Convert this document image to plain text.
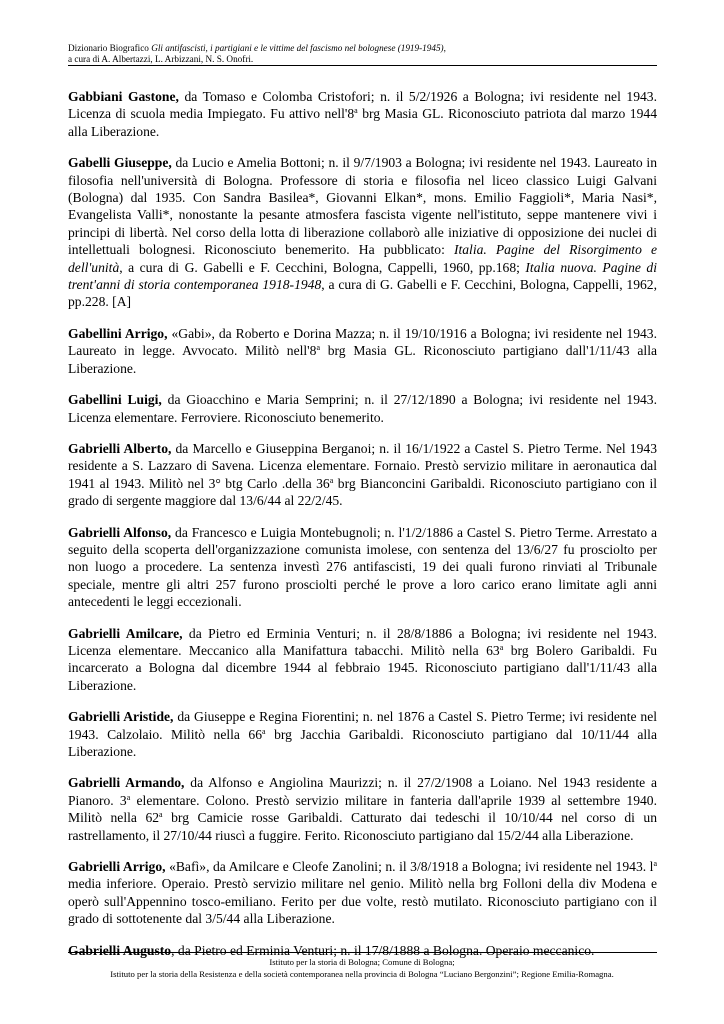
Dizionario Biografico Gli antifascisti, i partigiani e le vittime del fascismo nel bolognese (1919-1945),
a cura di A. Albertazzi, L. Arbizzani, N. S. Onofri.

Gabbiani Gastone, da Tomaso e Colomba Cristofori; n. il 5/2/1926 a Bologna; ivi residente nel 1943. Licenza di scuola media Impiegato. Fu attivo nell'8$^a$ brg Masia GL. Riconosciuto patriota dal marzo 1944 alla Liberazione.

Gabelli Giuseppe, da Lucio e Amelia Bottoni; n. il 9/7/1903 a Bologna; ivi residente nel 1943. Laureato in filosofia nell'università di Bologna. Professore di storia e filosofia nel liceo classico Luigi Galvani (Bologna) dal 1935. Con Sandra Basilea*, Giovanni Elkan*, mons. Emilio Faggioli*, Maria Nasi*, Evangelista Valli*, nonostante la pesante atmosfera fascista vigente nell'istituto, seppe mantenere vivi i principi di libertà. Nel corso della lotta di liberazione collaborò alle iniziative di opposizione dei nuclei di intellettuali bolognesi. Riconosciuto benemerito. Ha pubblicato: Italia. Pagine del Risorgimento e dell'unità, a cura di G. Gabelli e F. Cecchini, Bologna, Cappelli, 1960, pp.168; Italia nuova. Pagine di trent'anni di storia contemporanea 1918-1948, a cura di G. Gabelli e F. Cecchini, Bologna, Cappelli, 1962, pp.228. [A]

Gabellini Arrigo, «Gabi», da Roberto e Dorina Mazza; n. il 19/10/1916 a Bologna; ivi residente nel 1943. Laureato in legge. Avvocato. Militò nell'8$^a$ brg Masia GL. Riconosciuto partigiano dall'1/11/43 alla Liberazione.

Gabellini Luigi, da Gioacchino e Maria Semprini; n. il 27/12/1890 a Bologna; ivi residente nel 1943. Licenza elementare. Ferroviere. Riconosciuto benemerito.

Gabrielli Alberto, da Marcello e Giuseppina Berganoi; n. il 16/1/1922 a Castel S. Pietro Terme. Nel 1943 residente a S. Lazzaro di Savena. Licenza elementare. Fornaio. Prestò servizio militare in aeronautica dal 1941 al 1943. Militò nel 3° btg Carlo .della 36$^a$ brg Bianconcini Garibaldi. Riconosciuto partigiano con il grado di sergente maggiore dal 13/6/44 al 22/2/45.

Gabrielli Alfonso, da Francesco e Luigia Montebugnoli; n. l'1/2/1886 a Castel S. Pietro Terme. Arrestato a seguito della scoperta dell'organizzazione comunista imolese, con sentenza del 13/6/27 fu prosciolto per non luogo a procedere. La sentenza investì 276 antifascisti, 19 dei quali furono rinviati al Tribunale speciale, mentre gli altri 257 furono prosciolti perché le prove a loro carico erano limitate agli anni antecedenti le leggi eccezionali.

Gabrielli Amilcare, da Pietro ed Erminia Venturi; n. il 28/8/1886 a Bologna; ivi residente nel 1943. Licenza elementare. Meccanico alla Manifattura tabacchi. Militò nella 63$^a$ brg Bolero Garibaldi. Fu incarcerato a Bologna dal dicembre 1944 al febbraio 1945. Riconosciuto partigiano dall'1/11/43 alla Liberazione.

Gabrielli Aristide, da Giuseppe e Regina Fiorentini; n. nel 1876 a Castel S. Pietro Terme; ivi residente nel 1943. Calzolaio. Militò nella 66$^a$ brg Jacchia Garibaldi. Riconosciuto partigiano dal 10/11/44 alla Liberazione.

Gabrielli Armando, da Alfonso e Angiolina Maurizzi; n. il 27/2/1908 a Loiano. Nel 1943 residente a Pianoro. 3$^a$ elementare. Colono. Prestò servizio militare in fanteria dall'aprile 1939 al settembre 1940. Militò nella 62$^a$ brg Camicie rosse Garibaldi. Catturato dai tedeschi il 10/10/44 nel corso di un rastrellamento, il 27/10/44 riuscì a fuggire. Ferito. Riconosciuto partigiano dal 15/2/44 alla Liberazione.

Gabrielli Arrigo, «Bafì», da Amilcare e Cleofe Zanolini; n. il 3/8/1918 a Bologna; ivi residente nel 1943. $l^a$ media inferiore. Operaio. Prestò servizio militare nel genio. Militò nella brg Folloni della div Modena e operò sull'Appennino tosco-emiliano. Ferito per due volte, restò mutilato. Riconosciuto partigiano con il grado di sottotenente dal 3/5/44 alla Liberazione.

Gabrielli Augusto, da Pietro ed Erminia Venturi; n. il 17/8/1888 a Bologna. Operaio meccanico.

Istituto per la storia di Bologna; Comune di Bologna;
Istituto per la storia della Resistenza e della società contemporanea nella provincia di Bologna “Luciano Bergonzini”; Regione Emilia-Romagna.
